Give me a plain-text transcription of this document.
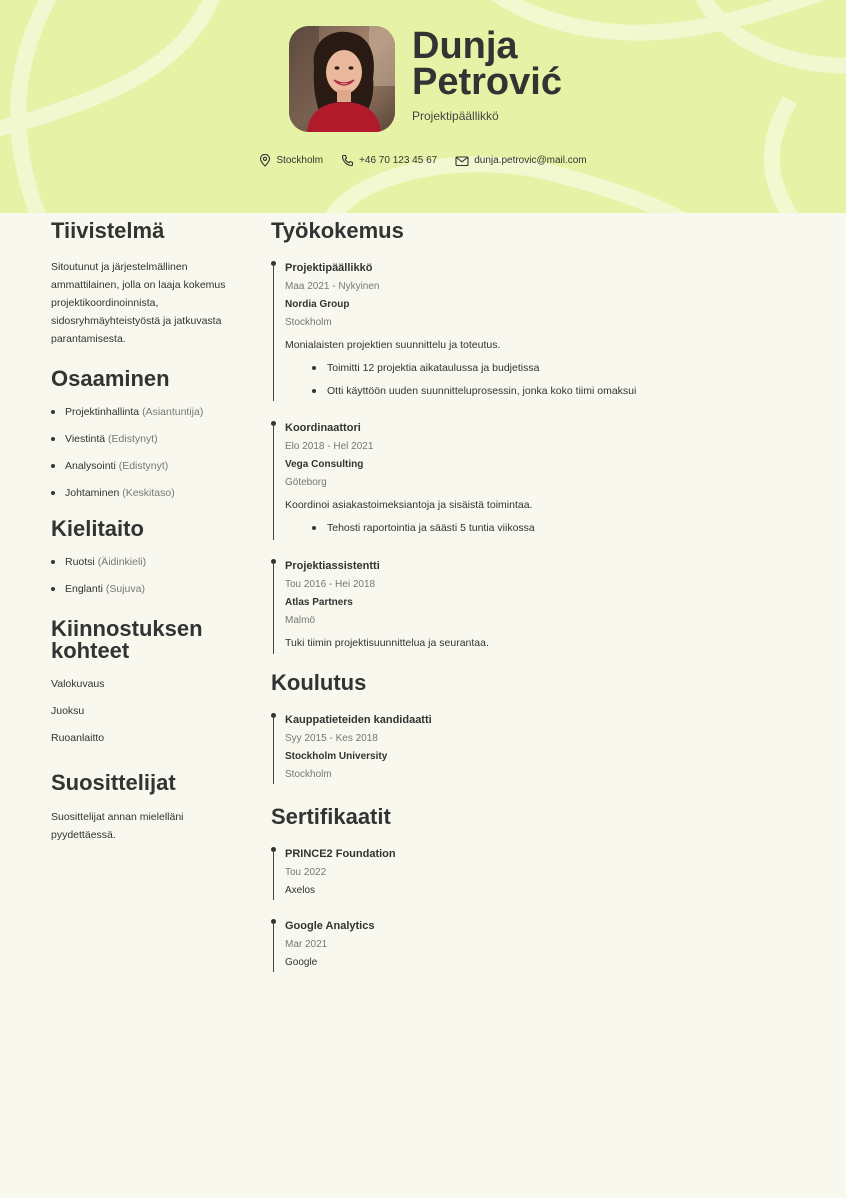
Dunja
Petrović
Projektipäällikkö
Stockholm	+46 70 123 45 67	dunja.petrovic@mail.com
Tiivistelmä
Sitoutunut ja järjestelmällinen ammattilainen, jolla on laaja kokemus projektikoordinoinnista, sidosryhmäyhteistyöstä ja jatkuvasta parantamisesta.
Osaaminen
Projektinhallinta (Asiantuntija)
Viestintä (Edistynyt)
Analysointi (Edistynyt)
Johtaminen (Keskitaso)
Kielitaito
Ruotsi (Äidinkieli)
Englanti (Sujuva)
Kiinnostuksen kohteet
Valokuvaus
Juoksu
Ruoanlaitto
Suosittelijat
Suosittelijat annan mielelläni pyydettäessä.
Työkokemus
Projektipäällikkö
Maa 2021 - Nykyinen
Nordia Group
Stockholm
Monialaisten projektien suunnittelu ja toteutus.
Toimitti 12 projektia aikataulussa ja budjetissa
Otti käyttöön uuden suunnitteluprosessin, jonka koko tiimi omaksui
Koordinaattori
Elo 2018 - Hel 2021
Vega Consulting
Göteborg
Koordinoi asiakastoimeksiantoja ja sisäistä toimintaa.
Tehosti raportointia ja säästi 5 tuntia viikossa
Projektiassistentti
Tou 2016 - Hei 2018
Atlas Partners
Malmö
Tuki tiimin projektisuunnittelua ja seurantaa.
Koulutus
Kauppatieteiden kandidaatti
Syy 2015 - Kes 2018
Stockholm University
Stockholm
Sertifikaatit
PRINCE2 Foundation
Tou 2022
Axelos
Google Analytics
Mar 2021
Google
